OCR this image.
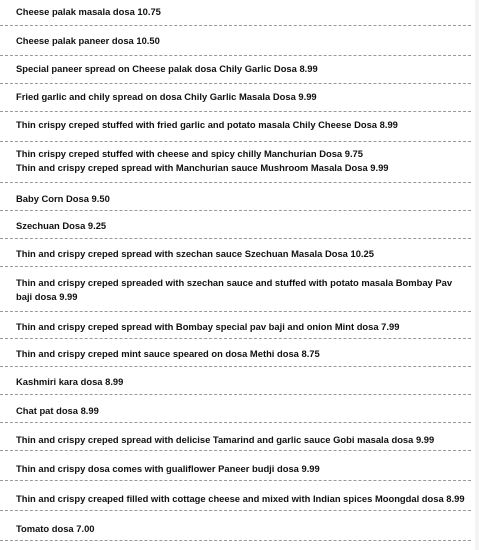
Cheese palak masala dosa 10.75
Cheese palak paneer dosa 10.50
Special paneer spread on Cheese palak dosa Chily Garlic Dosa 8.99
Fried garlic and chily spread on dosa Chily Garlic Masala Dosa 9.99
Thin crispy creped stuffed with fried garlic and potato masala Chily Cheese Dosa 8.99
Thin crispy creped stuffed with cheese and spicy chilly Manchurian Dosa 9.75
Thin and crispy creped spread with Manchurian sauce Mushroom Masala Dosa 9.99
Baby Corn Dosa 9.50
Szechuan Dosa 9.25
Thin and crispy creped spread with szechan sauce Szechuan Masala Dosa 10.25
Thin and crispy creped spreaded with szechan sauce and stuffed with potato masala Bombay Pav baji dosa 9.99
Thin and crispy creped spread with Bombay special pav baji and onion Mint dosa 7.99
Thin and crispy creped mint sauce speared on dosa Methi dosa 8.75
Kashmiri kara dosa 8.99
Chat pat dosa 8.99
Thin and crispy creped spread with delicise Tamarind and garlic sauce Gobi masala dosa 9.99
Thin and crispy dosa comes with gualiflower Paneer budji dosa 9.99
Thin and crispy creaped filled with cottage cheese and mixed with Indian spices Moongdal dosa 8.99
Tomato dosa 7.00
